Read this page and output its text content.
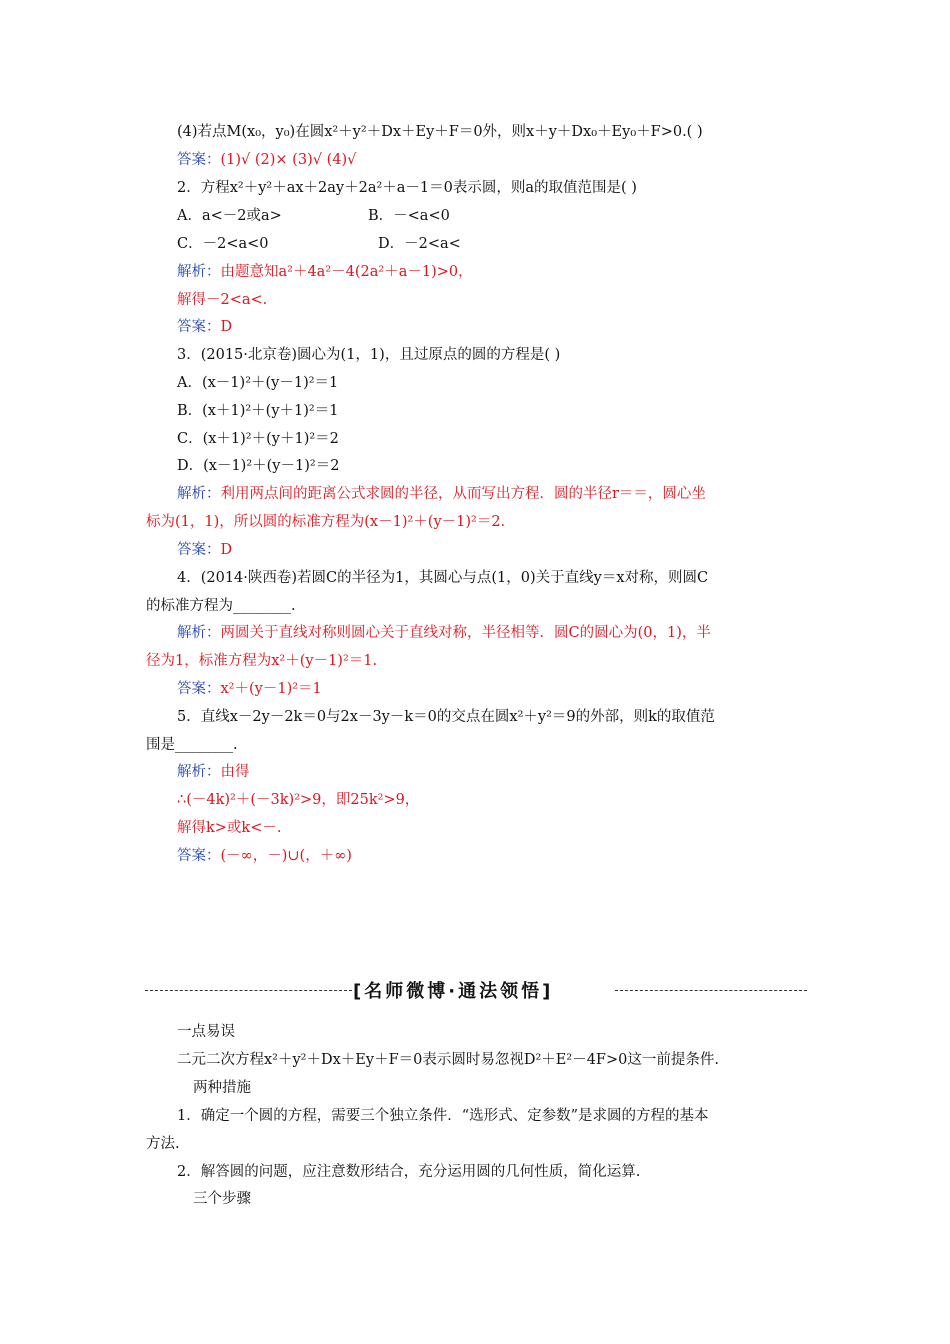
(4)若点M(x₀，y₀)在圆x²＋y²＋Dx＋Ey＋F＝0外，则x＋y＋Dx₀＋Ey₀＋F>0.( )
答案：(1)√ (2)× (3)√ (4)√
2．方程x²＋y²＋ax＋2ay＋2a²＋a－1＝0表示圆，则a的取值范围是( )
A．a<－2或a>	B．－<a<0
C．－2<a<0	D．－2<a<
解析：由题意知a²＋4a²－4(2a²＋a－1)>0，
解得－2<a<.
答案：D
3．(2015·北京卷)圆心为(1，1)，且过原点的圆的方程是( )
A．(x－1)²＋(y－1)²＝1
B．(x＋1)²＋(y＋1)²＝1
C．(x＋1)²＋(y＋1)²＝2
D．(x－1)²＋(y－1)²＝2
解析：利用两点间的距离公式求圆的半径，从而写出方程．圆的半径r＝＝，圆心坐
标为(1，1)，所以圆的标准方程为(x－1)²＋(y－1)²＝2.
答案：D
4．(2014·陕西卷)若圆C的半径为1，其圆心与点(1，0)关于直线y＝x对称，则圆C
的标准方程为________.
解析：两圆关于直线对称则圆心关于直线对称，半径相等．圆C的圆心为(0，1)，半
径为1，标准方程为x²＋(y－1)²＝1.
答案：x²＋(y－1)²＝1
5．直线x－2y－2k＝0与2x－3y－k＝0的交点在圆x²＋y²＝9的外部，则k的取值范
围是________.
解析：由得
∴(－4k)²＋(－3k)²>9，即25k²>9，
解得k>或k<－.
答案：(－∞，－)∪(，＋∞)
一点易误
二元二次方程x²＋y²＋Dx＋Ey＋F＝0表示圆时易忽视D²＋E²－4F>0这一前提条件.
两种措施
1．确定一个圆的方程，需要三个独立条件．“选形式、定参数”是求圆的方程的基本
方法.
2．解答圆的问题，应注意数形结合，充分运用圆的几何性质，简化运算.
三个步骤
[名师微博·通法领悟]
